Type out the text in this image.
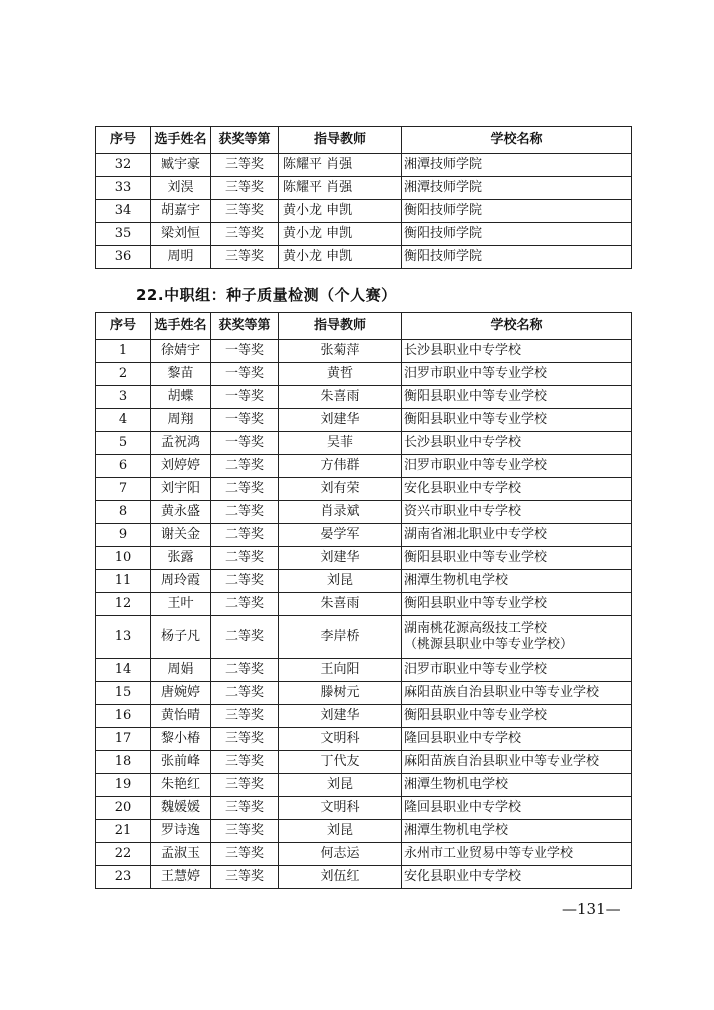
序号	选手姓名	获奖等第	指导教师	学校名称
32	臧宇豪	三等奖	陈耀平 肖强	湘潭技师学院
33	刘淏	三等奖	陈耀平 肖强	湘潭技师学院
34	胡嘉宇	三等奖	黄小龙 申凯	衡阳技师学院
35	梁刘恒	三等奖	黄小龙 申凯	衡阳技师学院
36	周明	三等奖	黄小龙 申凯	衡阳技师学院
22.中职组：种子质量检测（个人赛）
序号	选手姓名	获奖等第	指导教师	学校名称
1	徐婧宇	一等奖	张菊萍	长沙县职业中专学校
2	黎苗	一等奖	黄哲	汨罗市职业中等专业学校
3	胡蝶	一等奖	朱喜雨	衡阳县职业中等专业学校
4	周翔	一等奖	刘建华	衡阳县职业中等专业学校
5	孟祝鸿	一等奖	吴菲	长沙县职业中专学校
6	刘婷婷	二等奖	方伟群	汨罗市职业中等专业学校
7	刘宇阳	二等奖	刘有荣	安化县职业中专学校
8	黄永盛	二等奖	肖录斌	资兴市职业中专学校
9	谢关金	二等奖	晏学军	湖南省湘北职业中专学校
10	张露	二等奖	刘建华	衡阳县职业中等专业学校
11	周玲霞	二等奖	刘昆	湘潭生物机电学校
12	王叶	二等奖	朱喜雨	衡阳县职业中等专业学校
13	杨子凡	二等奖	李岸桥	湖南桃花源高级技工学校
（桃源县职业中等专业学校）

14	周娟	二等奖	王向阳	汨罗市职业中等专业学校
15	唐婉婷	二等奖	滕树元	麻阳苗族自治县职业中等专业学校
16	黄怡晴	三等奖	刘建华	衡阳县职业中等专业学校
17	黎小椿	三等奖	文明科	隆回县职业中专学校
18	张前峰	三等奖	丁代友	麻阳苗族自治县职业中等专业学校
19	朱艳红	三等奖	刘昆	湘潭生物机电学校
20	魏媛媛	三等奖	文明科	隆回县职业中专学校
21	罗诗逸	三等奖	刘昆	湘潭生物机电学校
22	孟淑玉	三等奖	何志运	永州市工业贸易中等专业学校
23	王慧婷	三等奖	刘伍红	安化县职业中专学校
—131—
